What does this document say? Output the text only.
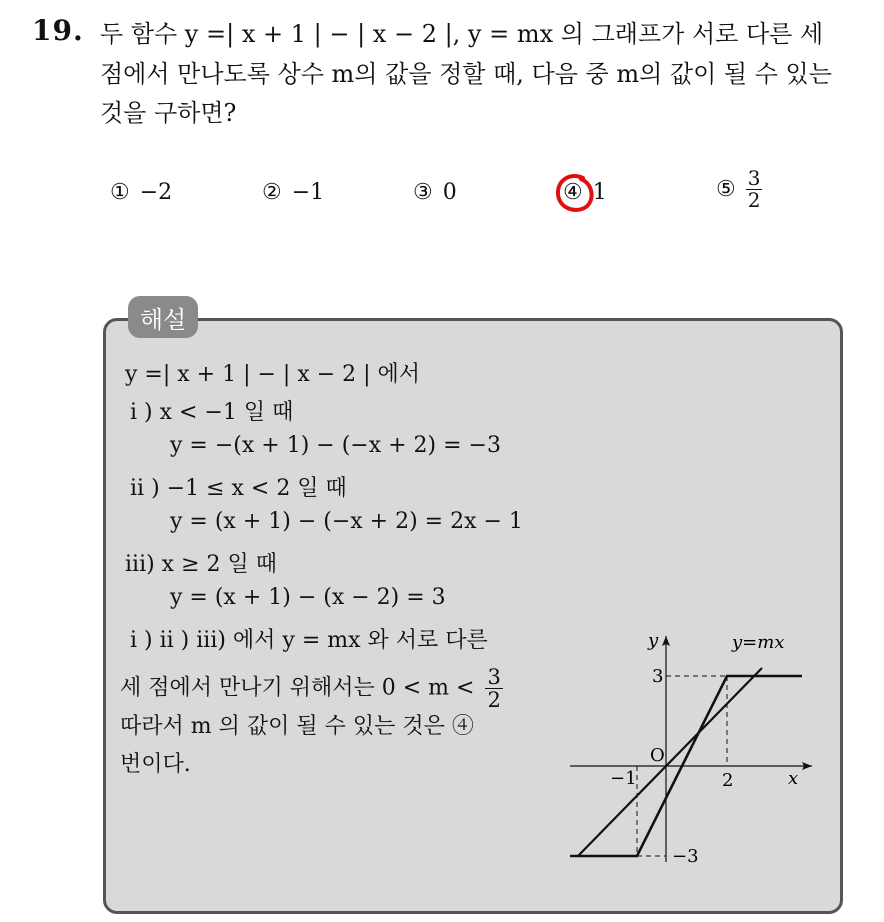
19. 두 함수 y =| x + 1 | − | x − 2 |, y = mx 의 그래프가 서로 다른 세
점에서 만나도록 상수 m의 값을 정할 때, 다음 중 m의 값이 될 수 있는
것을 구하면?
① −2	② −1	③ 0	④ 1	⑤ $\frac{3}{2}$
해설
y =| x + 1 | − | x − 2 | 에서
i ) x < −1 일 때
y = −(x + 1) − (−x + 2) = −3
ii ) −1 ≤ x < 2 일 때
y = (x + 1) − (−x + 2) = 2x − 1
iii) x ≥ 2 일 때
y = (x + 1) − (x − 2) = 3
i ) ii ) iii) 에서 y = mx 와 서로 다른
세 점에서 만나기 위해서는 $0 < m < \frac{3}{2}$
따라서 m 의 값이 될 수 있는 것은 ④
번이다.
y
x
y=mx
O
3
−3
−1	2
